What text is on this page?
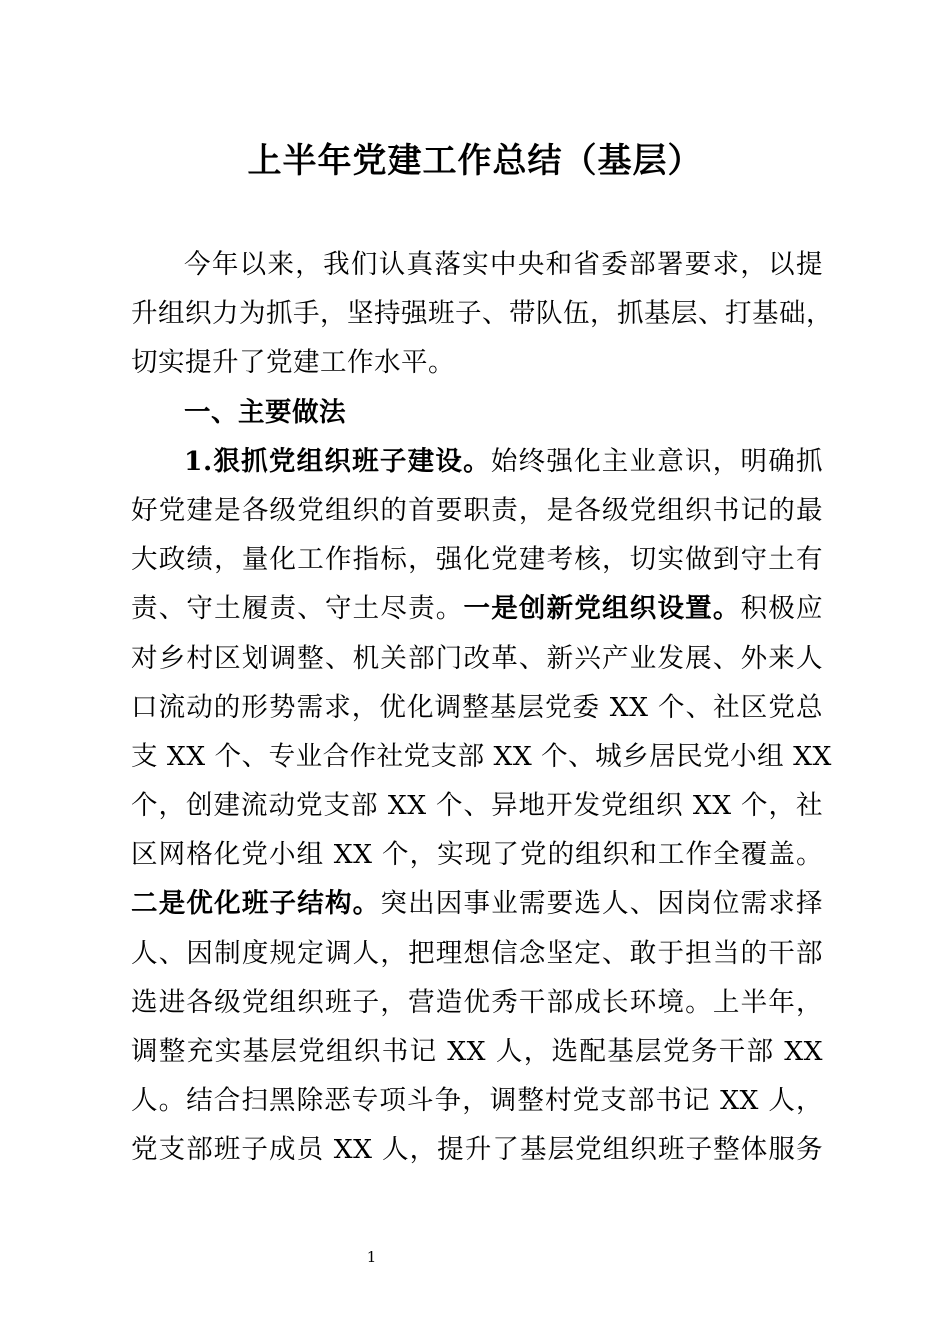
上半年党建工作总结（基层）
今年以来，我们认真落实中央和省委部署要求，以提
升组织力为抓手，坚持强班子、带队伍，抓基层、打基础，
切实提升了党建工作水平。
一、主要做法
1.狠抓党组织班子建设。始终强化主业意识，明确抓
好党建是各级党组织的首要职责，是各级党组织书记的最
大政绩，量化工作指标，强化党建考核，切实做到守土有
责、守土履责、守土尽责。一是创新党组织设置。积极应
对乡村区划调整、机关部门改革、新兴产业发展、外来人
口流动的形势需求，优化调整基层党委 XX 个、社区党总
支 XX 个、专业合作社党支部 XX 个、城乡居民党小组 XX
个，创建流动党支部 XX 个、异地开发党组织 XX 个，社
区网格化党小组 XX 个，实现了党的组织和工作全覆盖。
二是优化班子结构。突出因事业需要选人、因岗位需求择
人、因制度规定调人，把理想信念坚定、敢于担当的干部
选进各级党组织班子，营造优秀干部成长环境。上半年，
调整充实基层党组织书记 XX 人，选配基层党务干部 XX
人。结合扫黑除恶专项斗争，调整村党支部书记 XX 人，
党支部班子成员 XX 人，提升了基层党组织班子整体服务
1
